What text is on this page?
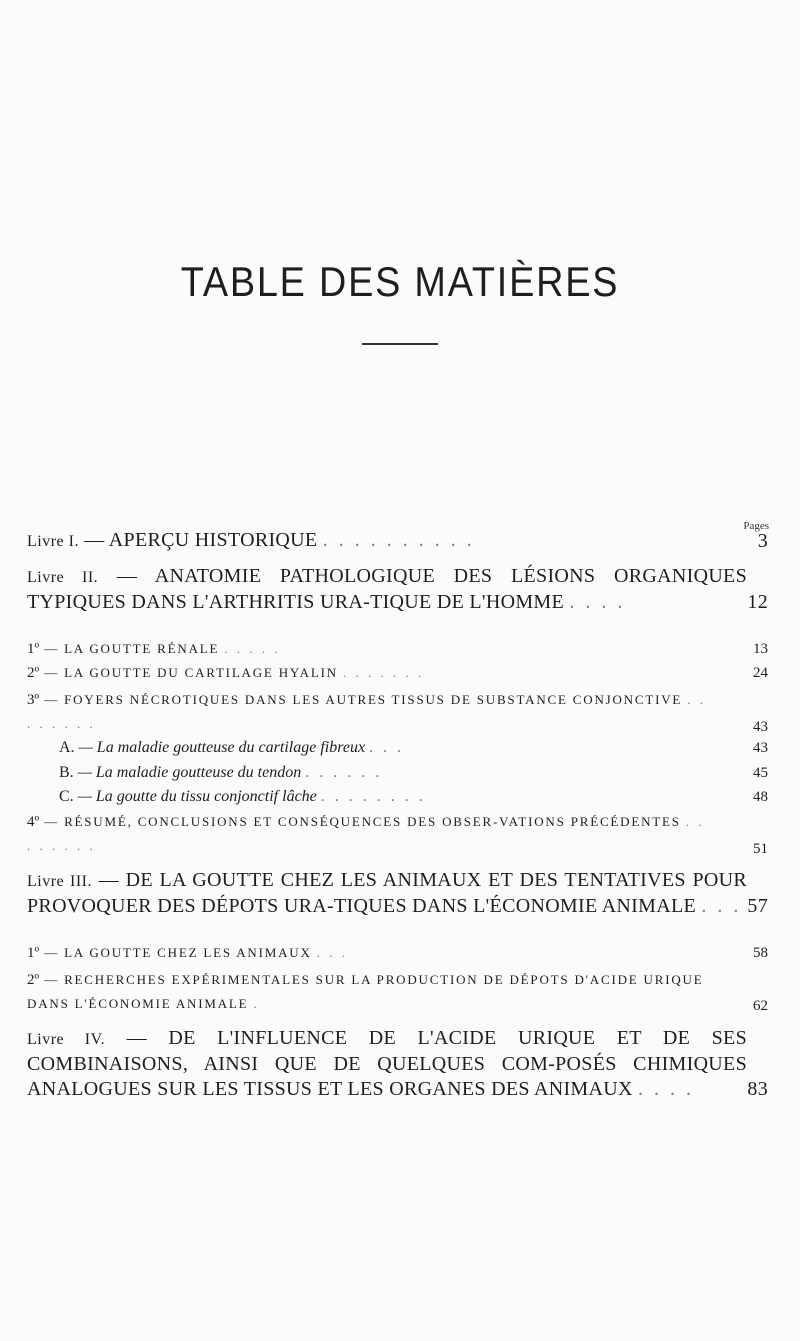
TABLE DES MATIÈRES
Pages
Livre I. — APERÇU HISTORIQUE . . . . . . . . . .	3
Livre II. — ANATOMIE PATHOLOGIQUE DES LÉSIONS ORGANIQUES TYPIQUES DANS L'ARTHRITIS URA-TIQUE DE L'HOMME . . . .	12
1º — LA GOUTTE RÉNALE . . . . .	13
2º — LA GOUTTE DU CARTILAGE HYALIN . . . . . . .	24
3º — FOYERS NÉCROTIQUES DANS LES AUTRES TISSUS DE SUBSTANCE CONJONCTIVE . . . . . . . .	43
A. — La maladie goutteuse du cartilage fibreux . . .	43
B. — La maladie goutteuse du tendon . . . . . .	45
C. — La goutte du tissu conjonctif lâche . . . . . . . .	48
4º — RÉSUMÉ, CONCLUSIONS ET CONSÉQUENCES DES OBSER-VATIONS PRÉCÉDENTES . . . . . . . .	51
Livre III. — DE LA GOUTTE CHEZ LES ANIMAUX ET DES TENTATIVES POUR PROVOQUER DES DÉPOTS URA-TIQUES DANS L'ÉCONOMIE ANIMALE . . . 57
1º — LA GOUTTE CHEZ LES ANIMAUX . . .	58
2º — RECHERCHES EXPÉRIMENTALES SUR LA PRODUCTION DE DÉPOTS D'ACIDE URIQUE DANS L'ÉCONOMIE ANIMALE .	62
Livre IV. — DE L'INFLUENCE DE L'ACIDE URIQUE ET DE SES COMBINAISONS, AINSI QUE DE QUELQUES COM-POSÉS CHIMIQUES ANALOGUES SUR LES TISSUS ET LES ORGANES DES ANIMAUX . . . .	83
